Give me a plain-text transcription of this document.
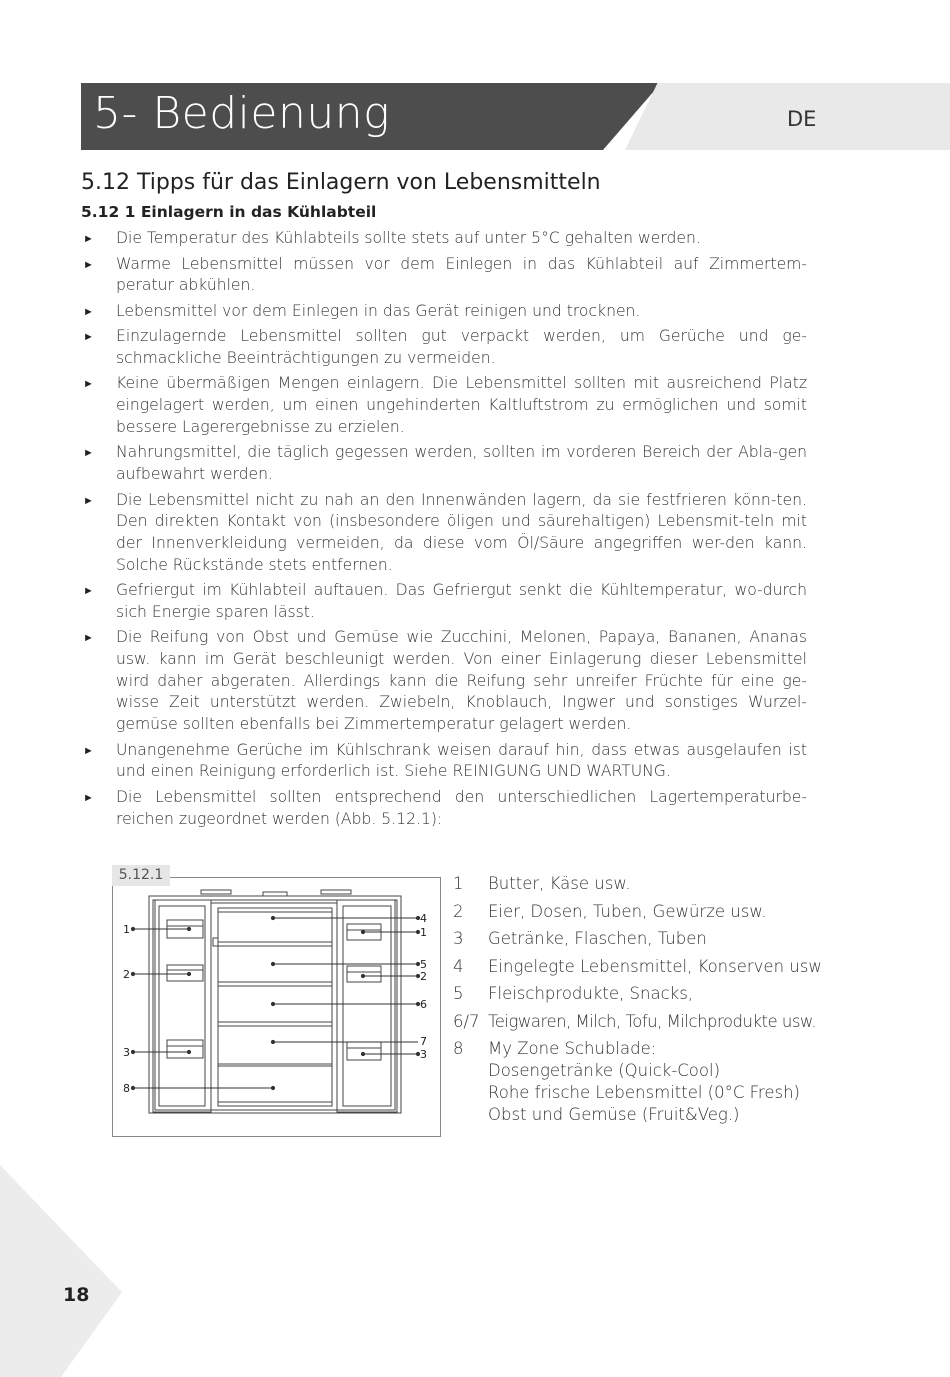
5- Bedienung	DE
5.12 Tipps für das Einlagern von Lebensmitteln
5.12 1 Einlagern in das Kühlabteil
► Die Temperatur des Kühlabteils sollte stets auf unter 5°C gehalten werden.
► Warme Lebensmittel müssen vor dem Einlegen in das Kühlabteil auf Zimmertem-peratur abkühlen.
► Lebensmittel vor dem Einlegen in das Gerät reinigen und trocknen.
► Einzulagernde Lebensmittel sollten gut verpackt werden, um Gerüche und ge-schmackliche Beeinträchtigungen zu vermeiden.
► Keine übermäßigen Mengen einlagern. Die Lebensmittel sollten mit ausreichend Platz eingelagert werden, um einen ungehinderten Kaltluftstrom zu ermöglichen und somit bessere Lagerergebnisse zu erzielen.
► Nahrungsmittel, die täglich gegessen werden, sollten im vorderen Bereich der Abla-gen aufbewahrt werden.
► Die Lebensmittel nicht zu nah an den Innenwänden lagern, da sie festfrieren könn-ten. Den direkten Kontakt von (insbesondere öligen und säurehaltigen) Lebensmit-teln mit der Innenverkleidung vermeiden, da diese vom Öl/Säure angegriffen wer-den kann. Solche Rückstände stets entfernen.
► Gefriergut im Kühlabteil auftauen. Das Gefriergut senkt die Kühltemperatur, wo-durch sich Energie sparen lässt.
► Die Reifung von Obst und Gemüse wie Zucchini, Melonen, Papaya, Bananen, Ananas usw. kann im Gerät beschleunigt werden. Von einer Einlagerung dieser Lebensmittel wird daher abgeraten. Allerdings kann die Reifung sehr unreifer Früchte für eine ge-wisse Zeit unterstützt werden. Zwiebeln, Knoblauch, Ingwer und sonstiges Wurzel-gemüse sollten ebenfalls bei Zimmertemperatur gelagert werden.
► Unangenehme Gerüche im Kühlschrank weisen darauf hin, dass etwas ausgelaufen ist und einen Reinigung erforderlich ist. Siehe REINIGUNG UND WARTUNG.
► Die Lebensmittel sollten entsprechend den unterschiedlichen Lagertemperaturbe-reichen zugeordnet werden (Abb. 5.12.1):
1
2
3
8
4
1
5
2
6
7
3
5.12.1	1	Butter, Käse usw.
2	Eier, Dosen, Tuben, Gewürze usw.
3	Getränke, Flaschen, Tuben
4	Eingelegte Lebensmittel, Konserven usw
5	Fleischprodukte, Snacks,
6/7 Teigwaren, Milch, Tofu, Milchprodukte usw.
8	My Zone Schublade:
Dosengetränke (Quick-Cool)
Rohe frische Lebensmittel (0°C Fresh)
Obst und Gemüse (Fruit&Veg.)
18
